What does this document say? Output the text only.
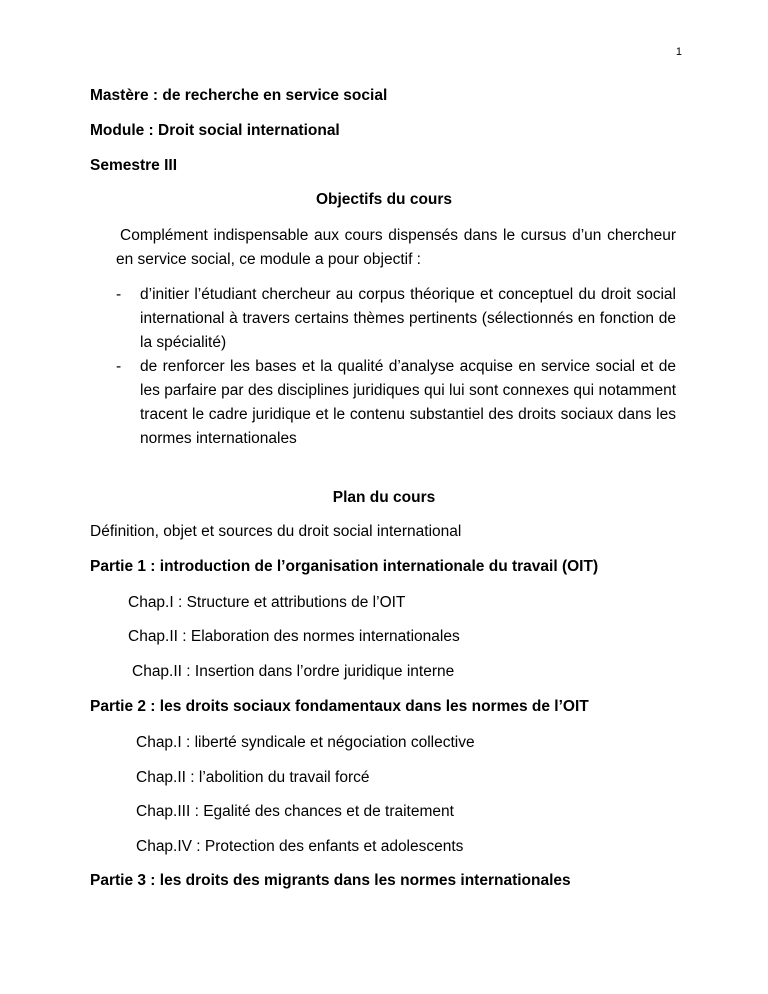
1
Mastère : de recherche en service social
Module : Droit social international
Semestre III
Objectifs du cours
Complément indispensable aux cours dispensés dans le cursus d’un chercheur en service social, ce module a pour objectif :
- d’initier l’étudiant chercheur au corpus théorique et conceptuel du droit social international à travers certains thèmes pertinents (sélectionnés en fonction de la spécialité)
- de renforcer les bases et la qualité d’analyse acquise en service social et de les parfaire par des disciplines juridiques qui lui sont connexes qui notamment tracent le cadre juridique et le contenu substantiel des droits sociaux dans les normes internationales
Plan du cours
Définition, objet et sources du droit social international
Partie 1 : introduction de l’organisation internationale du travail (OIT)
Chap.I : Structure et attributions de l’OIT
Chap.II : Elaboration des normes internationales
Chap.II : Insertion dans l’ordre juridique interne
Partie 2 : les droits sociaux fondamentaux dans les normes de l’OIT
Chap.I : liberté syndicale et négociation collective
Chap.II : l’abolition du travail forcé
Chap.III : Egalité des chances et de traitement
Chap.IV : Protection des enfants et adolescents
Partie 3 : les droits des migrants dans les normes internationales
